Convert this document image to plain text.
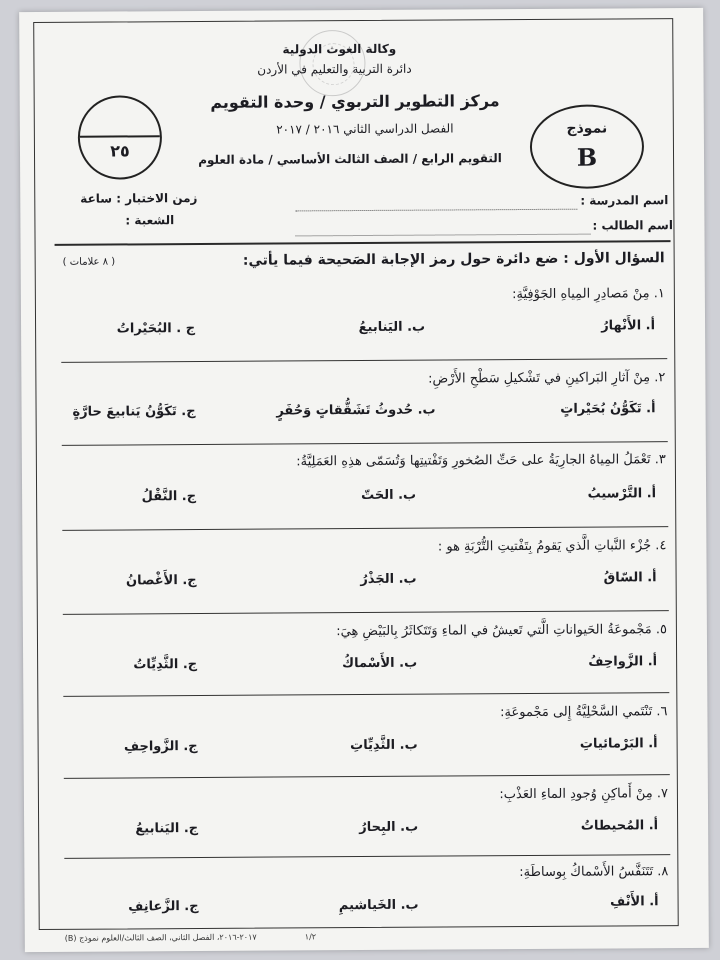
وكالة الغوث الدولية
دائرة التربية والتعليم في الأردن
مركز التطوير التربوي / وحدة التقويم
الفصل الدراسي الثاني ٢٠١٦ / ٢٠١٧
التقويم الرابع / الصف الثالث الأساسي / مادة العلوم
٢٥
نموذج
B
زمن الاختبار : ساعة
الشعبة :
اسم المدرسة :
اسم الطالب :
السؤال الأول : ضع دائرة حول رمز الإجابة الصَحيحة فيما يأتي:
( ٨ علامات )
١. مِنْ مَصادِرِ المِياهِ الجَوْفِيَّةِ:
أ. الأَنْهارُ
ب. اليَنابيعُ
ج . البُحَيْراتُ
٢. مِنْ آثارِ البَراكينِ في تَشْكيلِ سَطْحِ الأَرْضِ:
أ. تَكَوُّنُ بُحَيْراتٍ
ب. حُدوثُ تَشَقُّقاتٍ وَحُفَرٍ
ج. تَكَوُّنُ يَنابيعَ حارَّةٍ
٣. تَعْمَلُ المِياهُ الجارِيَةُ على حَتِّ الصُخورِ وَتَفْتيتِها وَتُسَمّى هذِهِ العَمَلِيَّةُ:
أ. التَّرْسيبُ
ب. الحَتّ
ج. النَّقْلُ
٤. جُزْء النَّباتِ الَّذي يَقومُ بِتَفْتيتِ التُّرْبَةِ هو :
أ. السّاقُ
ب. الجَذْرُ
ج. الأَغْصانُ
٥. مَجْموعَةُ الحَيواناتِ الَّتي تَعيشُ في الماءِ وَتَتَكاثَرُ بِالبَيْضِ هِيَ:
أ. الزَّواحِفُ
ب. الأَسْماكُ
ج. الثَّدِيِّاتُ
٦. تَنْتَمي السَّحْلِيَّةُ إِلى مَجْموعَةِ:
أ. البَرْمائياتِ
ب. الثَّدِيِّاتِ
ج. الزَّواحِفِ
٧. مِنْ أَماكِنِ وُجودِ الماءِ العَذْبِ:
أ. المُحيطاتُ
ب. البِحارُ
ج. اليَنابيعُ
٨. تَتَنَفَّسُ الأَسْماكُ بِوساطَةِ:
أ. الأَنْفِ
ب. الخَياشيمِ
ج. الزَّعانِفِ
١/٢
٢٠١٧-٢٠١٦، الفصل الثاني، الصف الثالث/العلوم نموذج (B)
